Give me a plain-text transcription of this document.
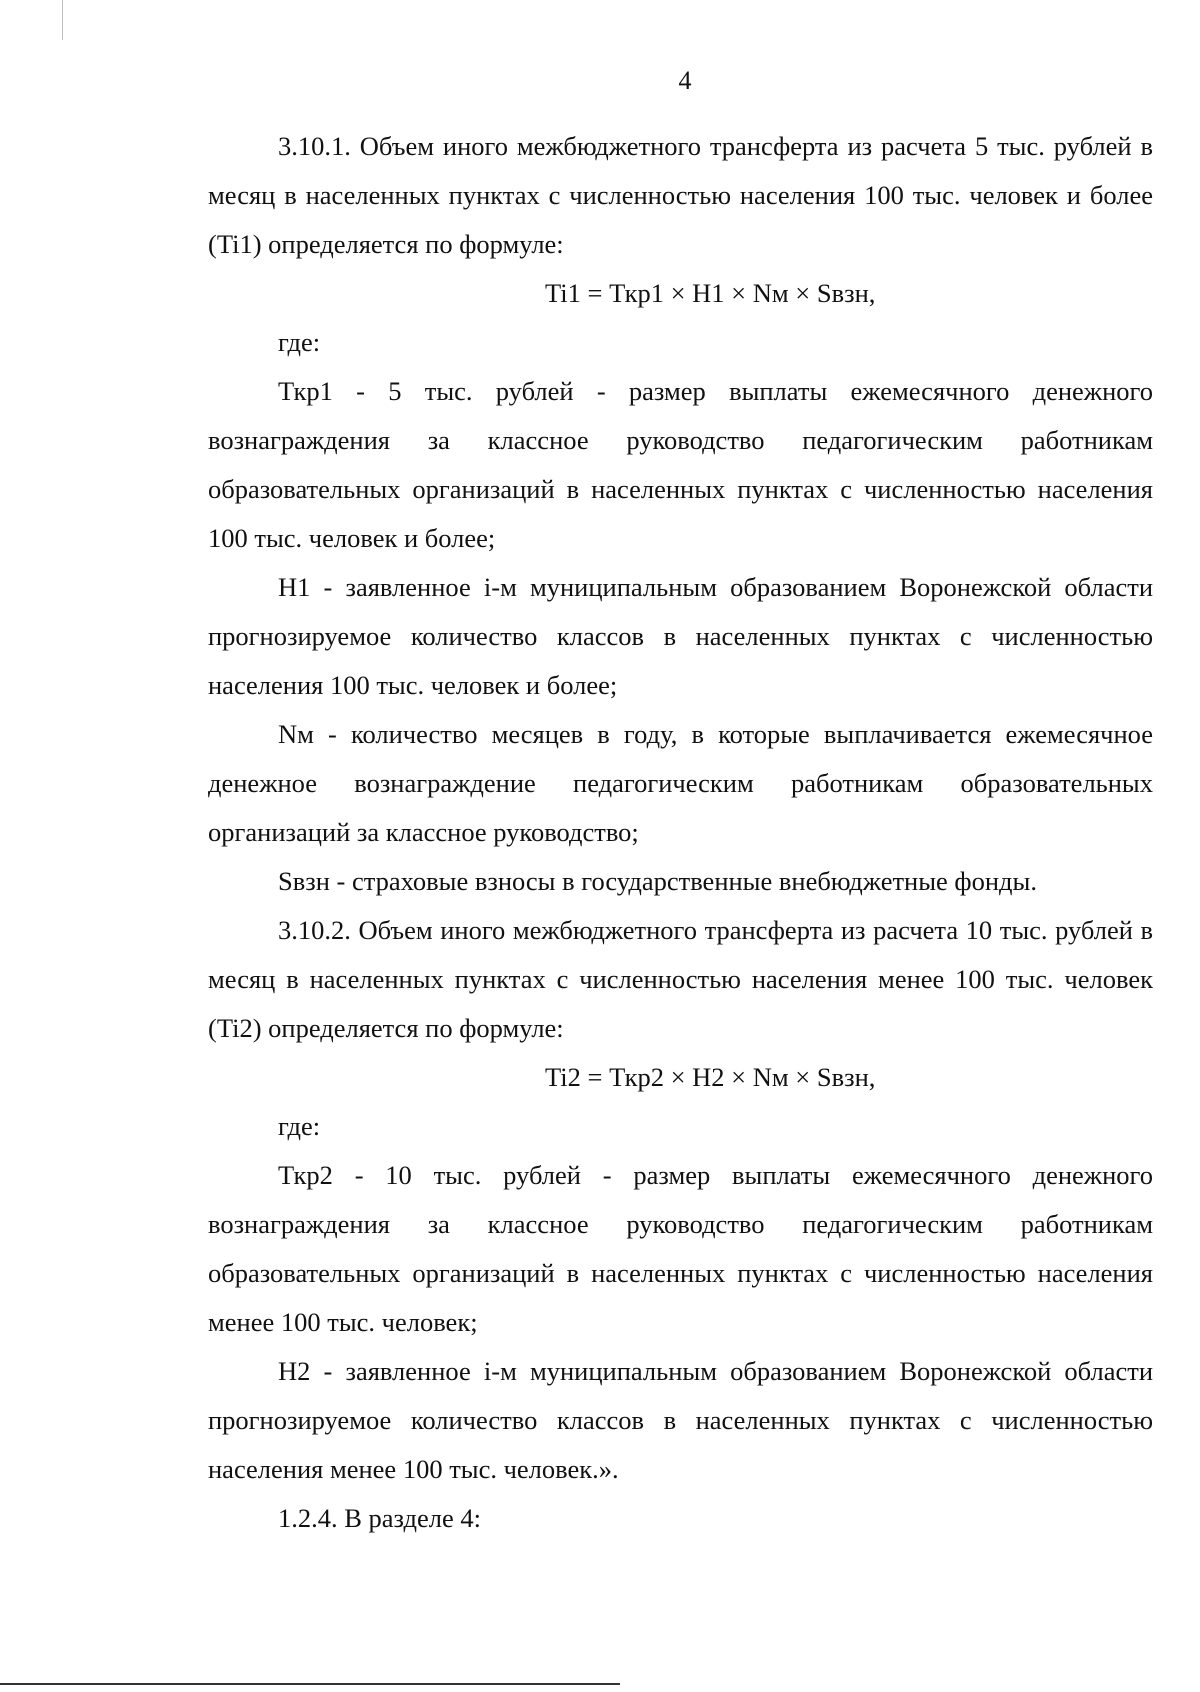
4

3.10.1. Объем иного межбюджетного трансферта из расчета 5 тыс. рублей в месяц в населенных пунктах с численностью населения 100 тыс. человек и более (Ti1) определяется по формуле:

Ti1 = Ткр1 × Н1 × Nм × Sвзн,

где:

Ткр1 - 5 тыс. рублей - размер выплаты ежемесячного денежного вознаграждения за классное руководство педагогическим работникам образовательных организаций в населенных пунктах с численностью населения 100 тыс. человек и более;

Н1 - заявленное i-м муниципальным образованием Воронежской области прогнозируемое количество классов в населенных пунктах с численностью населения 100 тыс. человек и более;

Nм - количество месяцев в году, в которые выплачивается ежемесячное денежное вознаграждение педагогическим работникам образовательных организаций за классное руководство;

Sвзн - страховые взносы в государственные внебюджетные фонды.

3.10.2. Объем иного межбюджетного трансферта из расчета 10 тыс. рублей в месяц в населенных пунктах с численностью населения менее 100 тыс. человек (Ti2) определяется по формуле:

Ti2 = Ткр2 × Н2 × Nм × Sвзн,

где:

Ткр2 - 10 тыс. рублей - размер выплаты ежемесячного денежного вознаграждения за классное руководство педагогическим работникам образовательных организаций в населенных пунктах с численностью населения менее 100 тыс. человек;

Н2 - заявленное i-м муниципальным образованием Воронежской области прогнозируемое количество классов в населенных пунктах с численностью населения менее 100 тыс. человек.».

1.2.4. В разделе 4:
